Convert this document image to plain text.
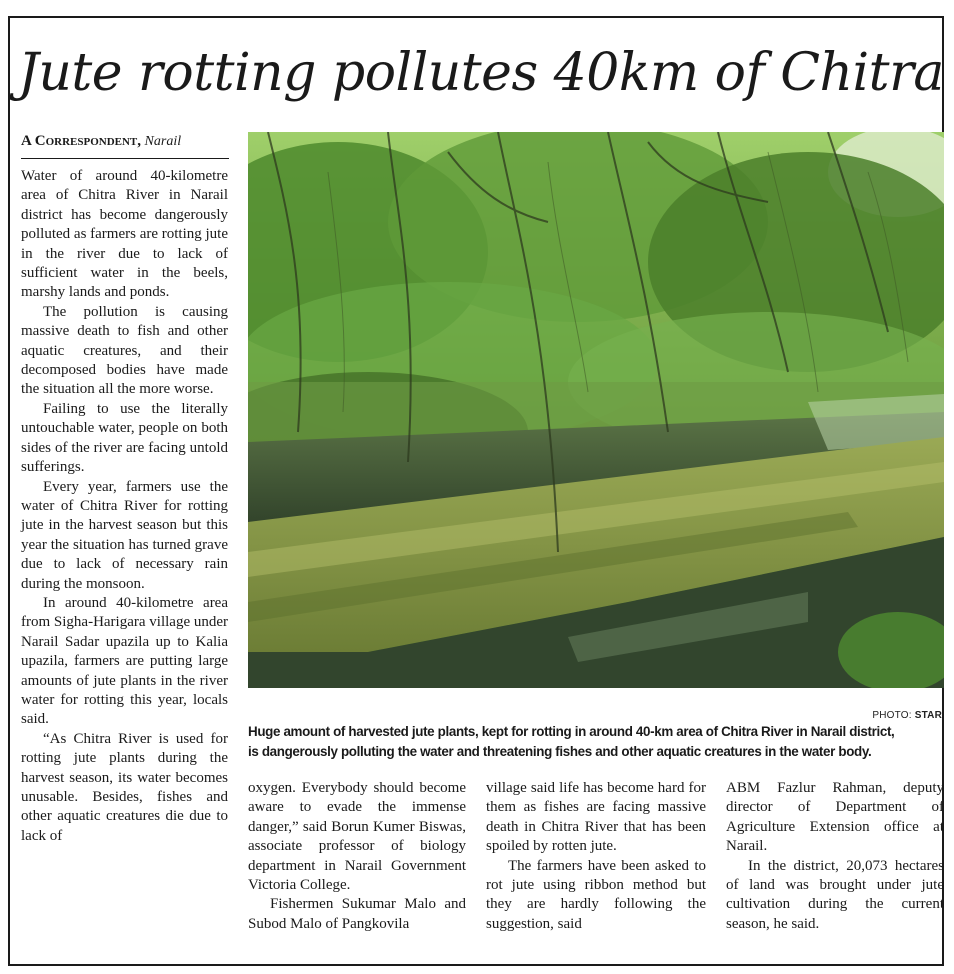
Jute rotting pollutes 40km of Chitra
A Correspondent, Narail

Water of around 40-kilometre area of Chitra River in Narail district has become dangerously polluted as farmers are rotting jute in the river due to lack of sufficient water in the beels, marshy lands and ponds.

The pollution is causing massive death to fish and other aquatic creatures, and their decomposed bodies have made the situation all the more worse.

Failing to use the literally untouchable water, people on both sides of the river are facing untold sufferings.

Every year, farmers use the water of Chitra River for rotting jute in the harvest season but this year the situation has turned grave due to lack of necessary rain during the monsoon.

In around 40-kilometre area from Sigha-Harigara village under Narail Sadar upazila up to Kalia upazila, farmers are putting large amounts of jute plants in the river water for rotting this year, locals said.

“As Chitra River is used for rotting jute plants during the harvest season, its water becomes unusable. Besides, fishes and other aquatic creatures die due to lack of

PHOTO: STAR
Huge amount of harvested jute plants, kept for rotting in around 40-km area of Chitra River in Narail district,
is dangerously polluting the water and threatening fishes and other aquatic creatures in the water body.

oxygen. Everybody should become aware to evade the immense danger,” said Borun Kumer Biswas, associate professor of biology department in Narail Government Victoria College.

Fishermen Sukumar Malo and Subod Malo of Pangkovila

village said life has become hard for them as fishes are facing massive death in Chitra River that has been spoiled by rotten jute.

The farmers have been asked to rot jute using ribbon method but they are hardly following the suggestion, said

ABM Fazlur Rahman, deputy director of Department of Agriculture Extension office at Narail.

In the district, 20,073 hectares of land was brought under jute cultivation during the current season, he said.
